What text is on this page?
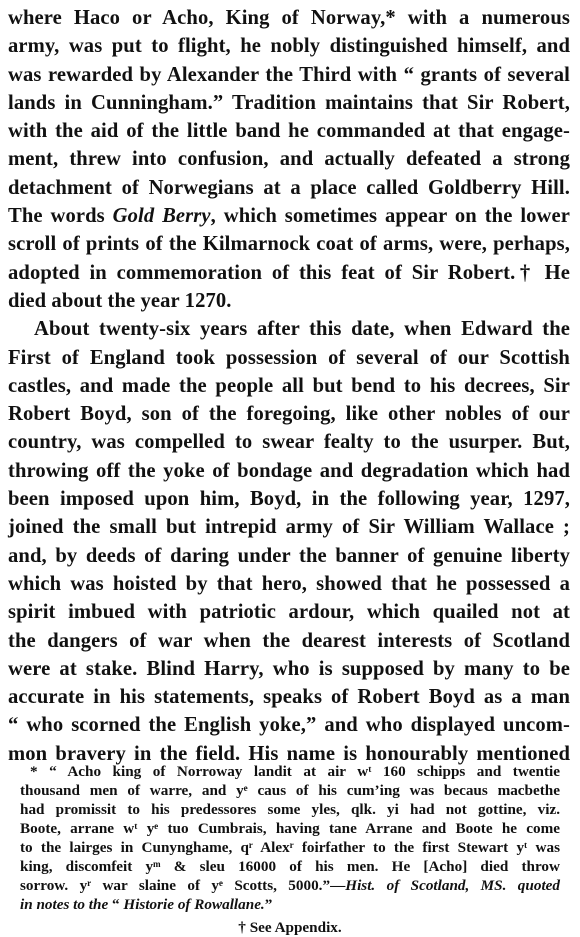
where Haco or Acho, King of Norway,* with a numerous
army, was put to flight, he nobly distinguished himself, and
was rewarded by Alexander the Third with “ grants of several
lands in Cunningham.” Tradition maintains that Sir Robert,
with the aid of the little band he commanded at that engage-
ment, threw into confusion, and actually defeated a strong
detachment of Norwegians at a place called Goldberry Hill.
The words Gold Berry, which sometimes appear on the lower
scroll of prints of the Kilmarnock coat of arms, were, perhaps,
adopted in commemoration of this feat of Sir Robert.† He
died about the year 1270.
About twenty-six years after this date, when Edward the
First of England took possession of several of our Scottish
castles, and made the people all but bend to his decrees, Sir
Robert Boyd, son of the foregoing, like other nobles of our
country, was compelled to swear fealty to the usurper. But,
throwing off the yoke of bondage and degradation which had
been imposed upon him, Boyd, in the following year, 1297,
joined the small but intrepid army of Sir William Wallace ;
and, by deeds of daring under the banner of genuine liberty
which was hoisted by that hero, showed that he possessed a
spirit imbued with patriotic ardour, which quailed not at
the dangers of war when the dearest interests of Scotland
were at stake. Blind Harry, who is supposed by many to be
accurate in his statements, speaks of Robert Boyd as a man
“ who scorned the English yoke,” and who displayed uncom-
mon bravery in the field. His name is honourably mentioned
* “ Acho king of Norroway landit at air wᵗ 160 schipps and twentie
thousand men of warre, and yᵉ caus of his cum’ing was becaus macbethe
had promissit to his predessores some yles, qlk. yi had not gottine, viz.
Boote, arrane wᵗ yᵉ tuo Cumbrais, having tane Arrane and Boote he come
to the lairges in Cunynghame, qʳ Alexʳ foirfather to the first Stewart yᵗ was
king, discomfeit yᵐ & sleu 16000 of his men. He [Acho] died throw
sorrow. yʳ war slaine of yᵉ Scotts, 5000.”—Hist. of Scotland, MS. quoted
in notes to the “ Historie of Rowallane.”
† See Appendix.
